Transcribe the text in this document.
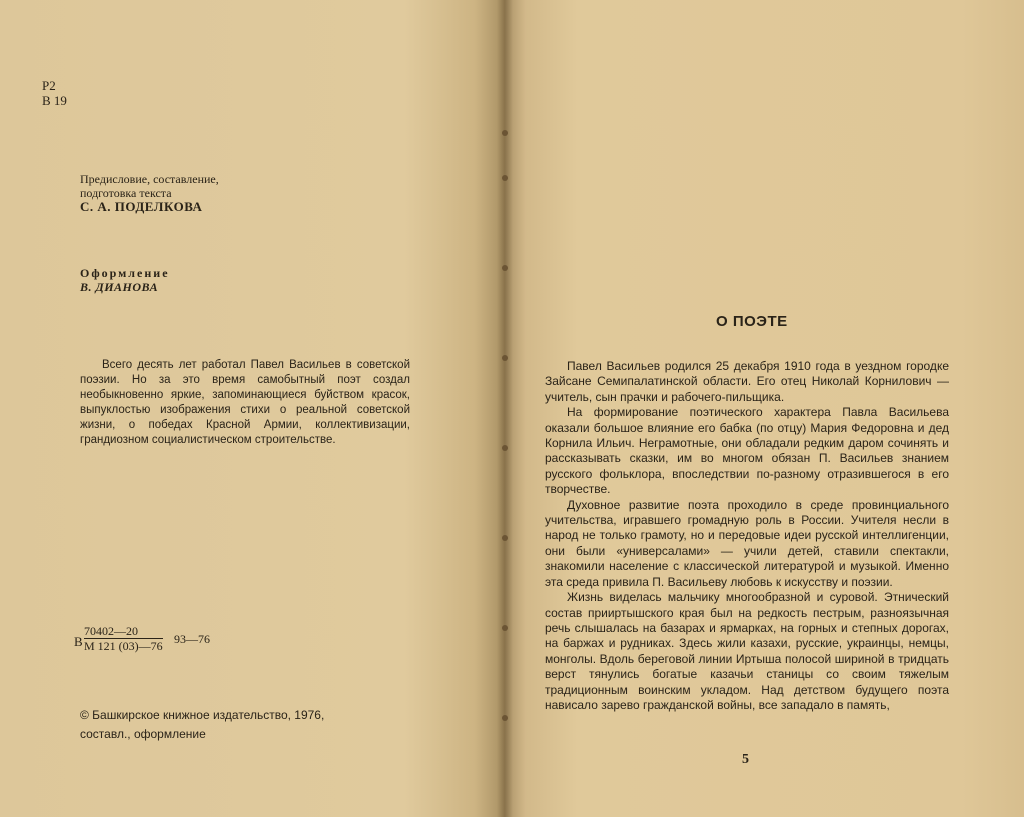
Р2
В 19
Предисловие, составление,
подготовка текста
С. А. ПОДЕЛКОВА
Оформление
В. ДИАНОВА

Всего десять лет работал Павел Васильев в советской поэзии. Но за это время самобытный поэт создал необыкновенно яркие, запоминающиеся буйством красок, выпуклостью изображения стихи о реальной советской жизни, о победах Красной Армии, коллективизации, грандиозном социалистическом строительстве.

В
70402—20
М 121 (03)—76 93—76
© Башкирское книжное издательство, 1976,
составл., оформление
О ПОЭТЕ

Павел Васильев родился 25 декабря 1910 года в уездном городке Зайсане Семипалатинской области. Его отец Николай Корнилович — учитель, сын прачки и рабочего-пильщика.

На формирование поэтического характера Павла Васильева оказали большое влияние его бабка (по отцу) Мария Федоровна и дед Корнила Ильич. Неграмотные, они обладали редким даром сочинять и рассказывать сказки, им во многом обязан П. Васильев знанием русского фольклора, впоследствии по-разному отразившегося в его творчестве.

Духовное развитие поэта проходило в среде провинциального учительства, игравшего громадную роль в России. Учителя несли в народ не только грамоту, но и передовые идеи русской интеллигенции, они были «универсалами» — учили детей, ставили спектакли, знакомили население с классической литературой и музыкой. Именно эта среда привила П. Васильеву любовь к искусству и поэзии.

Жизнь виделась мальчику многообразной и суровой. Этнический состав прииртышского края был на редкость пестрым, разноязычная речь слышалась на базарах и ярмарках, на горных и степных дорогах, на баржах и рудниках. Здесь жили казахи, русские, украинцы, немцы, монголы. Вдоль береговой линии Иртыша полосой шириной в тридцать верст тянулись богатые казачьи станицы со своим тяжелым традиционным воинским укладом. Над детством будущего поэта нависало зарево гражданской войны, все западало в память,

5
